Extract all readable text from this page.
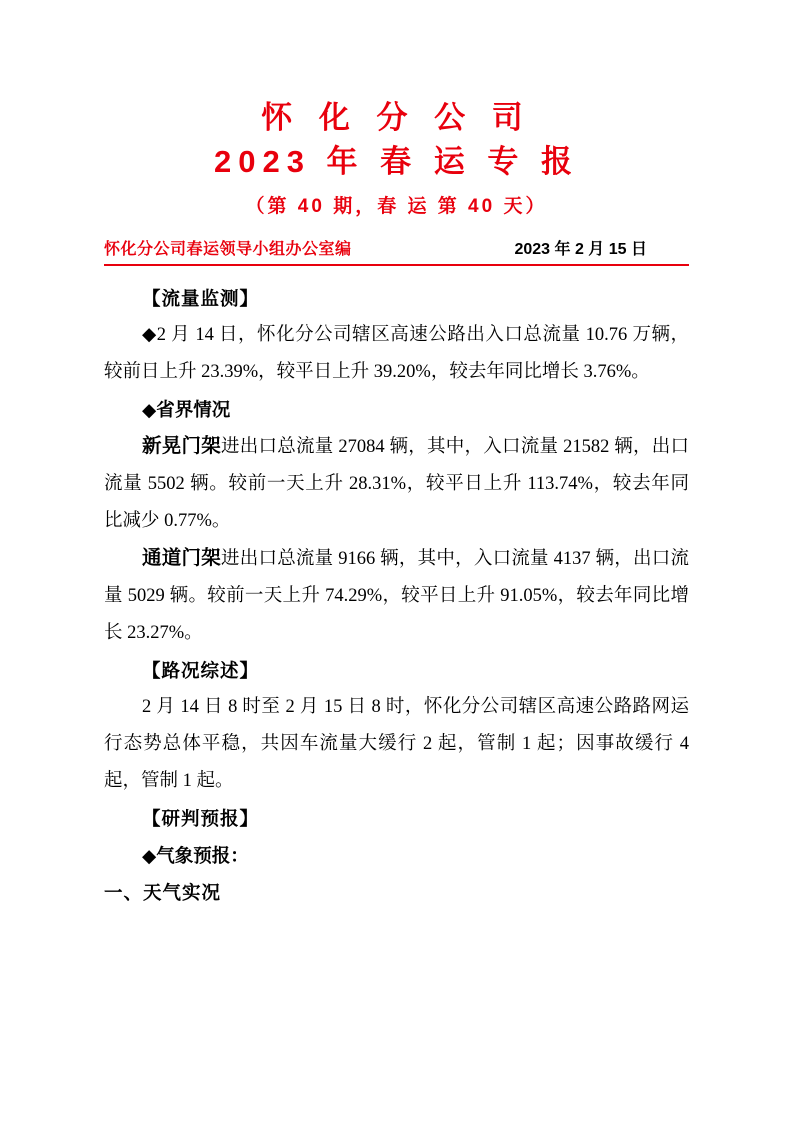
怀 化 分 公 司
2023 年 春 运 专 报
（第 40 期，春 运 第 40 天）
怀化分公司春运领导小组办公室编	2023 年 2 月 15 日

【流量监测】

◆2 月 14 日，怀化分公司辖区高速公路出入口总流量 10.76 万辆，较前日上升 23.39%，较平日上升 39.20%，较去年同比增长 3.76%。

◆省界情况

新晃门架进出口总流量 27084 辆，其中，入口流量 21582 辆，出口流量 5502 辆。较前一天上升 28.31%，较平日上升 113.74%，较去年同比减少 0.77%。

通道门架进出口总流量 9166 辆，其中，入口流量 4137 辆，出口流量 5029 辆。较前一天上升 74.29%，较平日上升 91.05%，较去年同比增长 23.27%。

【路况综述】

2 月 14 日 8 时至 2 月 15 日 8 时，怀化分公司辖区高速公路路网运行态势总体平稳，共因车流量大缓行 2 起，管制 1 起；因事故缓行 4 起，管制 1 起。

【研判预报】

◆气象预报：

一、天气实况
